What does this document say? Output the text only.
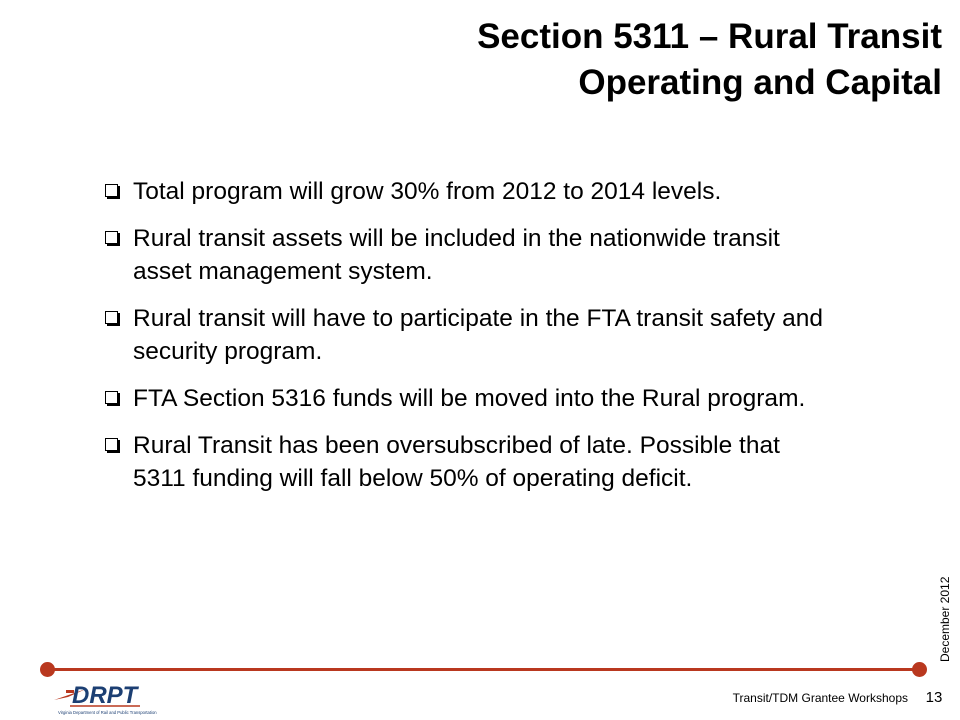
Section 5311 – Rural Transit
Operating and Capital
Total program will grow 30% from 2012 to 2014 levels.
Rural transit assets will be included in the nationwide transit asset management system.
Rural transit will have to participate in the FTA transit safety and security program.
FTA Section 5316 funds will be moved into the Rural program.
Rural Transit has been oversubscribed of late. Possible that 5311 funding will fall below 50% of operating deficit.
DRPT
Virginia Department of Rail and Public Transportation
Transit/TDM Grantee Workshops	13
December 2012
